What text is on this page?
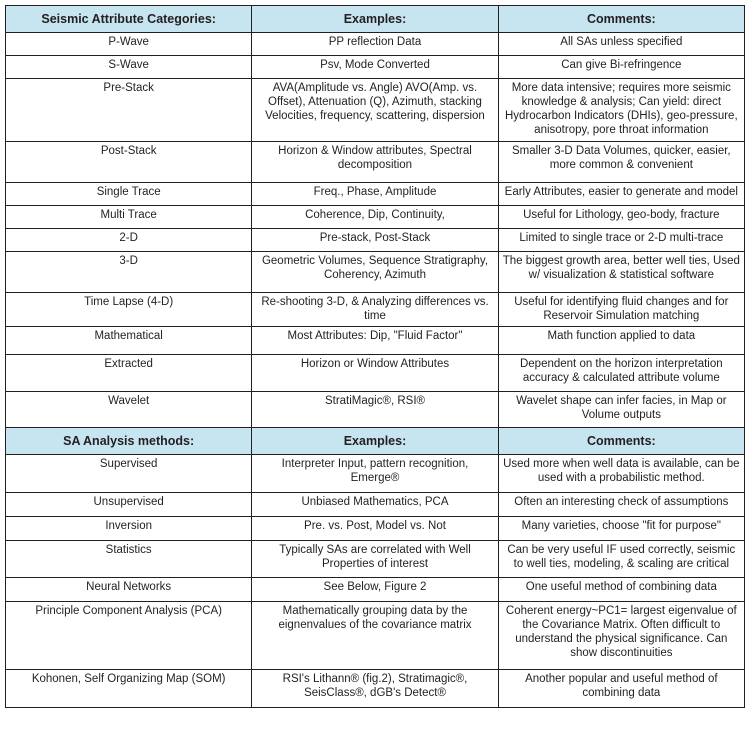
Seismic Attribute Categories:	Examples:	Comments:
P-Wave	PP reflection Data	All SAs unless specified
S-Wave	Psv, Mode Converted	Can give Bi-refringence
Pre-Stack	AVA(Amplitude vs. Angle) AVO(Amp. vs. Offset), Attenuation (Q), Azimuth, stacking Velocities, frequency, scattering, dispersion	More data intensive; requires more seismic knowledge & analysis; Can yield: direct Hydrocarbon Indicators (DHIs), geo-pressure, anisotropy, pore throat information
Post-Stack	Horizon & Window attributes, Spectral decomposition	Smaller 3-D Data Volumes, quicker, easier, more common & convenient
Single Trace	Freq., Phase, Amplitude	Early Attributes, easier to generate and model
Multi Trace	Coherence, Dip, Continuity,	Useful for Lithology, geo-body, fracture
2-D	Pre-stack, Post-Stack	Limited to single trace or 2-D multi-trace
3-D	Geometric Volumes, Sequence Stratigraphy, Coherency, Azimuth	The biggest growth area, better well ties, Used w/ visualization & statistical software
Time Lapse (4-D)	Re-shooting 3-D, & Analyzing differences vs. time	Useful for identifying fluid changes and for Reservoir Simulation matching
Mathematical	Most Attributes: Dip, "Fluid Factor"	Math function applied to data
Extracted	Horizon or Window Attributes	Dependent on the horizon interpretation accuracy & calculated attribute volume
Wavelet	StratiMagic®, RSI®	Wavelet shape can infer facies, in Map or Volume outputs
SA Analysis methods:	Examples:	Comments:
Supervised	Interpreter Input, pattern recognition, Emerge®	Used more when well data is available, can be used with a probabilistic method.
Unsupervised	Unbiased Mathematics, PCA	Often an interesting check of assumptions
Inversion	Pre. vs. Post, Model vs. Not	Many varieties, choose "fit for purpose"
Statistics	Typically SAs are correlated with Well Properties of interest	Can be very useful IF used correctly, seismic to well ties, modeling, & scaling are critical
Neural Networks	See Below, Figure 2	One useful method of combining data
Principle Component Analysis (PCA)	Mathematically grouping data by the eignenvalues of the covariance matrix	Coherent energy~PC1= largest eigenvalue of the Covariance Matrix. Often difficult to understand the physical significance. Can show discontinuities
Kohonen, Self Organizing Map (SOM)	RSI's Lithann® (fig.2), Stratimagic®, SeisClass®, dGB's Detect®	Another popular and useful method of combining data
